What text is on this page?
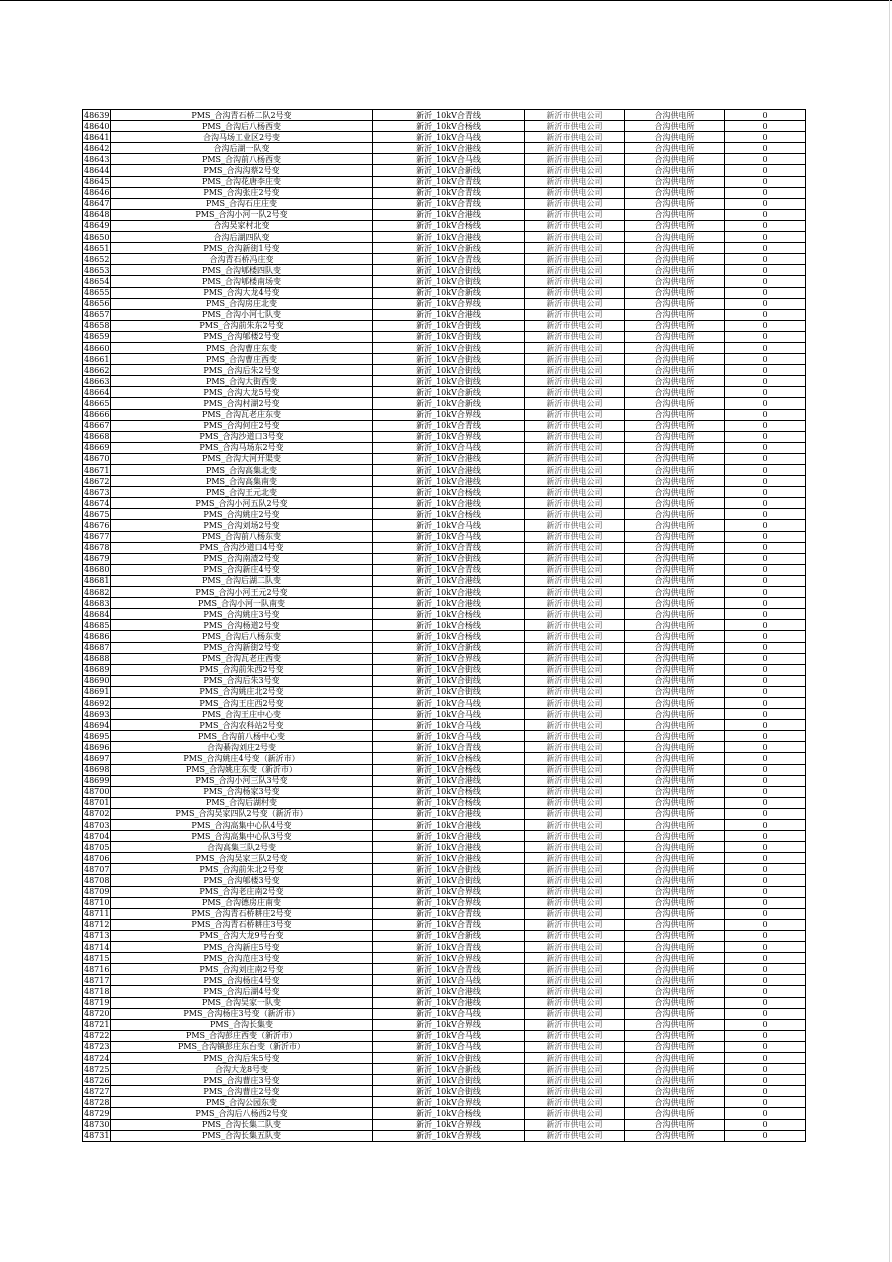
48639	PMS_合沟青石桥二队2号变	新沂_10kV合青线	新沂市供电公司	合沟供电所	0
48640	PMS_合沟后八杨西变	新沂_10kV合杨线	新沂市供电公司	合沟供电所	0
48641	合沟马场工业区2号变	新沂_10kV合马线	新沂市供电公司	合沟供电所	0
48642	合沟后湖一队变	新沂_10kV合港线	新沂市供电公司	合沟供电所	0
48643	PMS_合沟前八杨西变	新沂_10kV合马线	新沂市供电公司	合沟供电所	0
48644	PMS_合沟沟蔡2号变	新沂_10kV合新线	新沂市供电公司	合沟供电所	0
48645	PMS_合沟花唐李庄变	新沂_10kV合青线	新沂市供电公司	合沟供电所	0
48646	PMS_合沟张庄2号变	新沂_10kV合青线	新沂市供电公司	合沟供电所	0
48647	PMS_合沟石庄庄变	新沂_10kV合青线	新沂市供电公司	合沟供电所	0
48648	PMS_合沟小河一队2号变	新沂_10kV合港线	新沂市供电公司	合沟供电所	0
48649	合沟吴家村北变	新沂_10kV合杨线	新沂市供电公司	合沟供电所	0
48650	合沟后湖四队变	新沂_10kV合港线	新沂市供电公司	合沟供电所	0
48651	PMS_合沟新街1号变	新沂_10kV合新线	新沂市供电公司	合沟供电所	0
48652	合沟青石桥冯庄变	新沂_10kV合青线	新沂市供电公司	合沟供电所	0
48653	PMS_合沟郇楼四队变	新沂_10kV合街线	新沂市供电公司	合沟供电所	0
48654	PMS_合沟郇楼南场变	新沂_10kV合街线	新沂市供电公司	合沟供电所	0
48655	PMS_合沟大龙4号变	新沂_10kV合新线	新沂市供电公司	合沟供电所	0
48656	PMS_合沟房庄北变	新沂_10kV合界线	新沂市供电公司	合沟供电所	0
48657	PMS_合沟小河七队变	新沂_10kV合港线	新沂市供电公司	合沟供电所	0
48658	PMS_合沟前朱东2号变	新沂_10kV合街线	新沂市供电公司	合沟供电所	0
48659	PMS_合沟郇楼2号变	新沂_10kV合街线	新沂市供电公司	合沟供电所	0
48660	PMS_合沟曹庄东变	新沂_10kV合街线	新沂市供电公司	合沟供电所	0
48661	PMS_合沟曹庄西变	新沂_10kV合街线	新沂市供电公司	合沟供电所	0
48662	PMS_合沟后朱2号变	新沂_10kV合街线	新沂市供电公司	合沟供电所	0
48663	PMS_合沟大街西变	新沂_10kV合街线	新沂市供电公司	合沟供电所	0
48664	PMS_合沟大龙5号变	新沂_10kV合新线	新沂市供电公司	合沟供电所	0
48665	PMS_合沟村湖2号变	新沂_10kV合新线	新沂市供电公司	合沟供电所	0
48666	PMS_合沟瓦老庄东变	新沂_10kV合界线	新沂市供电公司	合沟供电所	0
48667	PMS_合沟何庄2号变	新沂_10kV合青线	新沂市供电公司	合沟供电所	0
48668	PMS_合沟沙道口3号变	新沂_10kV合界线	新沂市供电公司	合沟供电所	0
48669	PMS_合沟马场东2号变	新沂_10kV合马线	新沂市供电公司	合沟供电所	0
48670	PMS_合沟大河开渠变	新沂_10kV合港线	新沂市供电公司	合沟供电所	0
48671	PMS_合沟高集北变	新沂_10kV合港线	新沂市供电公司	合沟供电所	0
48672	PMS_合沟高集南变	新沂_10kV合港线	新沂市供电公司	合沟供电所	0
48673	PMS_合沟王元北变	新沂_10kV合杨线	新沂市供电公司	合沟供电所	0
48674	PMS_合沟小河五队2号变	新沂_10kV合港线	新沂市供电公司	合沟供电所	0
48675	PMS_合沟姚庄2号变	新沂_10kV合杨线	新沂市供电公司	合沟供电所	0
48676	PMS_合沟刘场2号变	新沂_10kV合马线	新沂市供电公司	合沟供电所	0
48677	PMS_合沟前八杨东变	新沂_10kV合马线	新沂市供电公司	合沟供电所	0
48678	PMS_合沟沙道口4号变	新沂_10kV合青线	新沂市供电公司	合沟供电所	0
48679	PMS_合沟南渣2号变	新沂_10kV合街线	新沂市供电公司	合沟供电所	0
48680	PMS_合沟新庄4号变	新沂_10kV合青线	新沂市供电公司	合沟供电所	0
48681	PMS_合沟后湖二队变	新沂_10kV合港线	新沂市供电公司	合沟供电所	0
48682	PMS_合沟小河王元2号变	新沂_10kV合港线	新沂市供电公司	合沟供电所	0
48683	PMS_合沟小河一队南变	新沂_10kV合港线	新沂市供电公司	合沟供电所	0
48684	PMS_合沟姚庄3号变	新沂_10kV合杨线	新沂市供电公司	合沟供电所	0
48685	PMS_合沟杨道2号变	新沂_10kV合杨线	新沂市供电公司	合沟供电所	0
48686	PMS_合沟后八杨东变	新沂_10kV合杨线	新沂市供电公司	合沟供电所	0
48687	PMS_合沟新街2号变	新沂_10kV合新线	新沂市供电公司	合沟供电所	0
48688	PMS_合沟瓦老庄西变	新沂_10kV合界线	新沂市供电公司	合沟供电所	0
48689	PMS_合沟前朱西2号变	新沂_10kV合街线	新沂市供电公司	合沟供电所	0
48690	PMS_合沟后朱3号变	新沂_10kV合街线	新沂市供电公司	合沟供电所	0
48691	PMS_合沟姚庄北2号变	新沂_10kV合街线	新沂市供电公司	合沟供电所	0
48692	PMS_合沟王庄西2号变	新沂_10kV合马线	新沂市供电公司	合沟供电所	0
48693	PMS_合沟王庄中心变	新沂_10kV合马线	新沂市供电公司	合沟供电所	0
48694	PMS_合沟农科站2号变	新沂_10kV合马线	新沂市供电公司	合沟供电所	0
48695	PMS_合沟前八杨中心变	新沂_10kV合马线	新沂市供电公司	合沟供电所	0
48696	合沟綦沟刘庄2号变	新沂_10kV合青线	新沂市供电公司	合沟供电所	0
48697	PMS_合沟姚庄4号变（新沂市）	新沂_10kV合杨线	新沂市供电公司	合沟供电所	0
48698	PMS_合沟姚庄东变（新沂市）	新沂_10kV合杨线	新沂市供电公司	合沟供电所	0
48699	PMS_合沟小河三队3号变	新沂_10kV合港线	新沂市供电公司	合沟供电所	0
48700	PMS_合沟杨家3号变	新沂_10kV合杨线	新沂市供电公司	合沟供电所	0
48701	PMS_合沟后湖村变	新沂_10kV合杨线	新沂市供电公司	合沟供电所	0
48702	PMS_合沟吴家四队2号变（新沂市）	新沂_10kV合港线	新沂市供电公司	合沟供电所	0
48703	PMS_合沟高集中心队4号变	新沂_10kV合港线	新沂市供电公司	合沟供电所	0
48704	PMS_合沟高集中心队3号变	新沂_10kV合港线	新沂市供电公司	合沟供电所	0
48705	合沟高集三队2号变	新沂_10kV合港线	新沂市供电公司	合沟供电所	0
48706	PMS_合沟吴家三队2号变	新沂_10kV合港线	新沂市供电公司	合沟供电所	0
48707	PMS_合沟前朱北2号变	新沂_10kV合街线	新沂市供电公司	合沟供电所	0
48708	PMS_合沟郇楼3号变	新沂_10kV合街线	新沂市供电公司	合沟供电所	0
48709	PMS_合沟老庄南2号变	新沂_10kV合界线	新沂市供电公司	合沟供电所	0
48710	PMS_合沟德房庄南变	新沂_10kV合界线	新沂市供电公司	合沟供电所	0
48711	PMS_合沟青石桥耕庄2号变	新沂_10kV合青线	新沂市供电公司	合沟供电所	0
48712	PMS_合沟青石桥耕庄3号变	新沂_10kV合青线	新沂市供电公司	合沟供电所	0
48713	PMS_合沟大龙9号台变	新沂_10kV合新线	新沂市供电公司	合沟供电所	0
48714	PMS_合沟新庄5号变	新沂_10kV合青线	新沂市供电公司	合沟供电所	0
48715	PMS_合沟范庄3号变	新沂_10kV合界线	新沂市供电公司	合沟供电所	0
48716	PMS_合沟刘庄南2号变	新沂_10kV合青线	新沂市供电公司	合沟供电所	0
48717	PMS_合沟杨庄4号变	新沂_10kV合马线	新沂市供电公司	合沟供电所	0
48718	PMS_合沟后湖4号变	新沂_10kV合港线	新沂市供电公司	合沟供电所	0
48719	PMS_合沟吴家一队变	新沂_10kV合港线	新沂市供电公司	合沟供电所	0
48720	PMS_合沟杨庄3号变（新沂市）	新沂_10kV合马线	新沂市供电公司	合沟供电所	0
48721	PMS_合沟长集变	新沂_10kV合界线	新沂市供电公司	合沟供电所	0
48722	PMS_合沟彭庄西变（新沂市）	新沂_10kV合马线	新沂市供电公司	合沟供电所	0
48723	PMS_合沟镇彭庄东台变（新沂市）	新沂_10kV合马线	新沂市供电公司	合沟供电所	0
48724	PMS_合沟后朱5号变	新沂_10kV合街线	新沂市供电公司	合沟供电所	0
48725	合沟大龙8号变	新沂_10kV合新线	新沂市供电公司	合沟供电所	0
48726	PMS_合沟曹庄3号变	新沂_10kV合街线	新沂市供电公司	合沟供电所	0
48727	PMS_合沟曹庄2号变	新沂_10kV合街线	新沂市供电公司	合沟供电所	0
48728	PMS_合沟公园东变	新沂_10kV合界线	新沂市供电公司	合沟供电所	0
48729	PMS_合沟后八杨西2号变	新沂_10kV合杨线	新沂市供电公司	合沟供电所	0
48730	PMS_合沟长集二队变	新沂_10kV合界线	新沂市供电公司	合沟供电所	0
48731	PMS_合沟长集五队变	新沂_10kV合界线	新沂市供电公司	合沟供电所	0
